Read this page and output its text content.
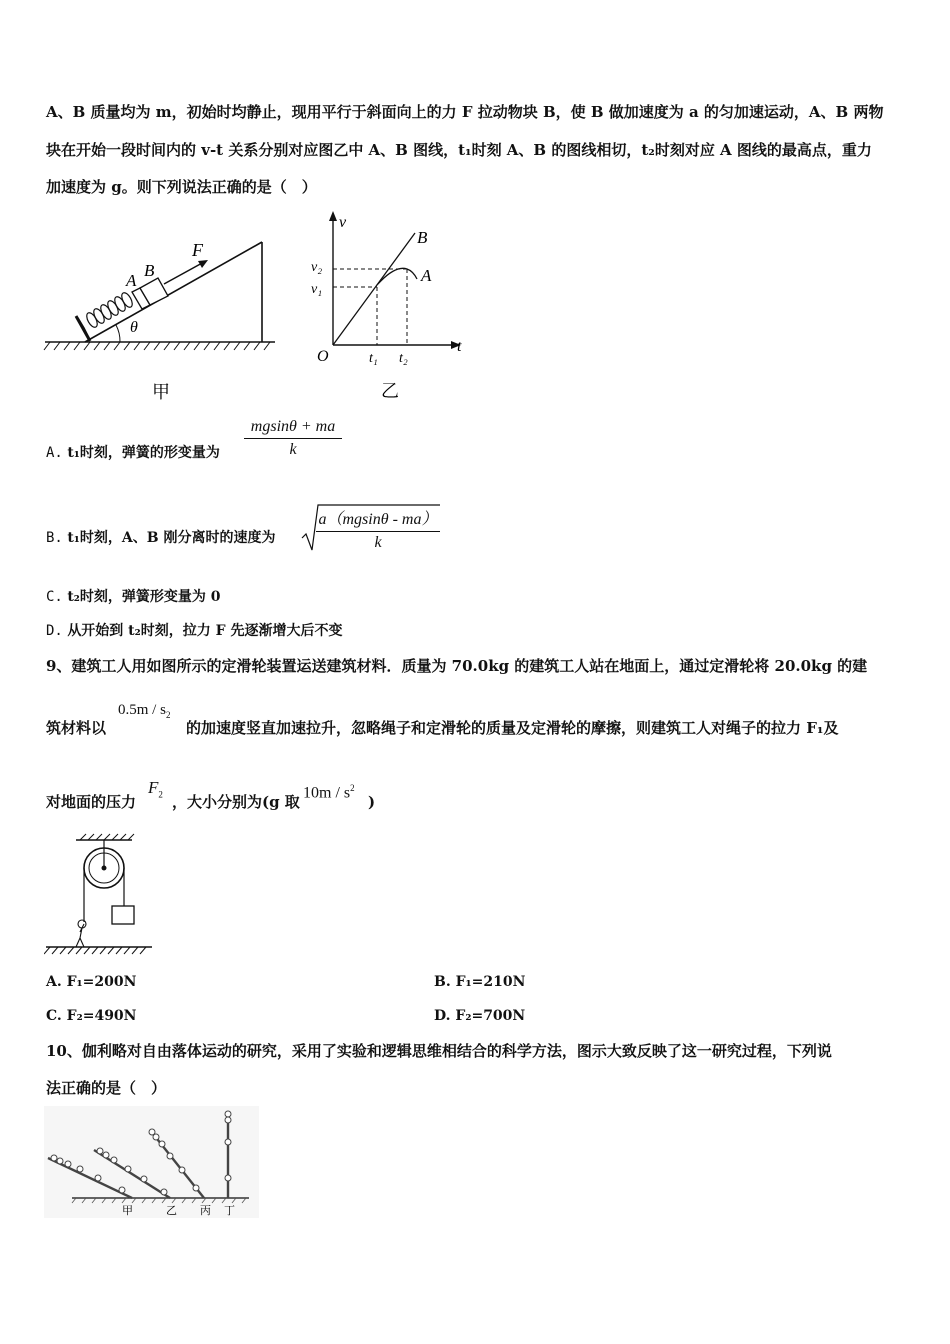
A、B 质量均为 m，初始时均静止，现用平行于斜面向上的力 F 拉动物块 B，使 B 做加速度为 a 的匀加速运动，A、B 两物
块在开始一段时间内的 v-t 关系分别对应图乙中 A、B 图线，t₁时刻 A、B 的图线相切，t₂时刻对应 A 图线的最高点，重力
加速度为 g。则下列说法正确的是（　）
A
B
F
θ
甲
v
t
O
B
A
v₂
v₁
t₁ t₂
乙
A. t₁时刻，弹簧的形变量为 $\frac{mgsin\theta + ma}{k}$
B. t₁时刻，A、B 刚分离时的速度为	$\frac{a(mgsin\theta - ma)}{k}$
C. t₂时刻，弹簧形变量为 0
D. 从开始到 t₂时刻，拉力 F 先逐渐增大后不变
9、建筑工人用如图所示的定滑轮装置运送建筑材料．质量为 70.0kg 的建筑工人站在地面上，通过定滑轮将 20.0kg 的建
筑材料以
$0.5m / s_2$
的加速度竖直加速拉升，忽略绳子和定滑轮的质量及定滑轮的摩擦，则建筑工人对绳子的拉力 F₁及
对地面的压力
$F_2$ ，大小分别为(g 取
$10m / s^2$
)
A. F₁=200N	B. F₁=210N
C. F₂=490N	D. F₂=700N
10、伽利略对自由落体运动的研究，采用了实验和逻辑思维相结合的科学方法，图示大致反映了这一研究过程，下列说
法正确的是（　）
甲	乙 丙 丁
